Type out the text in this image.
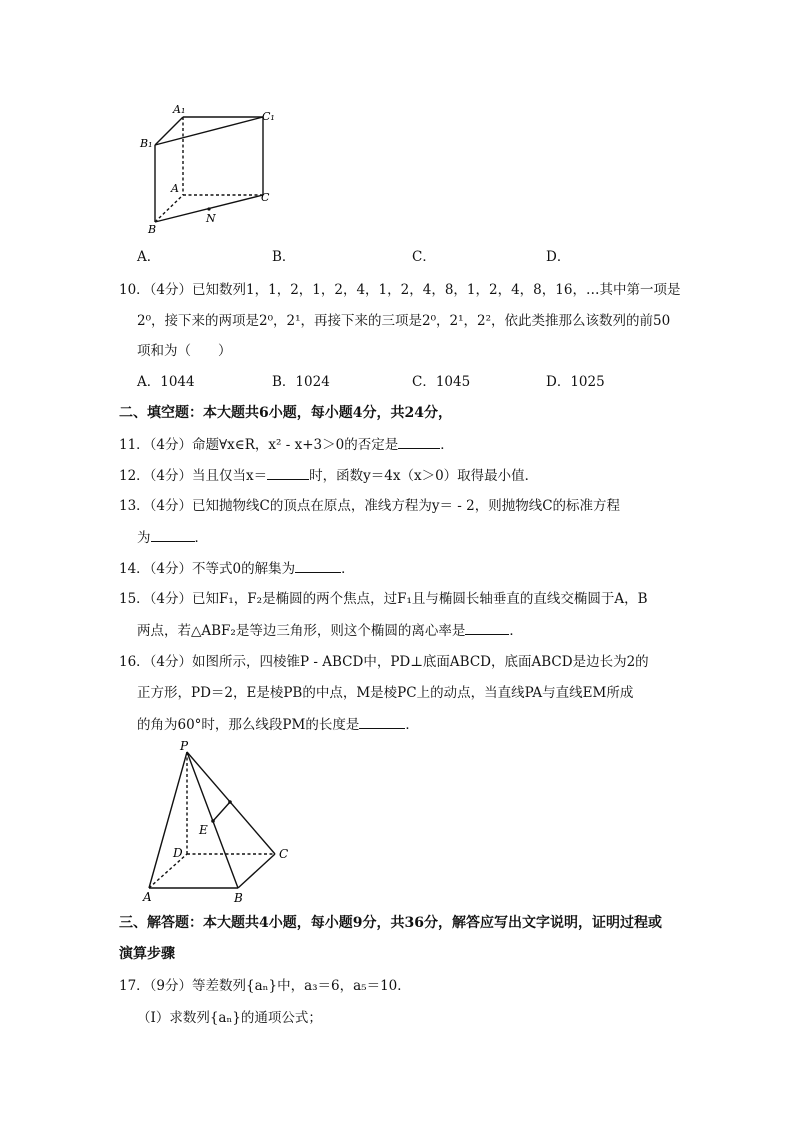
A₁
C₁
B₁
A
C
B
N
A．	B．	C．	D．
10．（4分）已知数列1，1，2，1，2，4，1，2，4，8，1，2，4，8，16，…其中第一项是
2⁰，接下来的两项是2⁰，2¹，再接下来的三项是2⁰，2¹，2²，依此类推那么该数列的前50
项和为（　　）
A．1044	B．1024	C．1045	D．1025
二、填空题：本大题共6小题，每小题4分，共24分，
11．（4分）命题∀x∈R，x² - x+3＞0的否定是	．
12．（4分）当且仅当x＝	时，函数y＝4x（x＞0）取得最小值．
13．（4分）已知抛物线C的顶点在原点，准线方程为y＝ - 2，则抛物线C的标准方程
为	．
14．（4分）不等式0的解集为	．
15．（4分）已知F₁，F₂是椭圆的两个焦点，过F₁且与椭圆长轴垂直的直线交椭圆于A，B
两点，若△ABF₂是等边三角形，则这个椭圆的离心率是	．
16．（4分）如图所示，四棱锥P - ABCD中，PD⊥底面ABCD，底面ABCD是边长为2的
正方形，PD＝2，E是棱PB的中点，M是棱PC上的动点，当直线PA与直线EM所成
的角为60°时，那么线段PM的长度是	．
P
E
D	C
A	B
三、解答题：本大题共4小题，每小题9分，共36分，解答应写出文字说明，证明过程或
演算步骤
17．（9分）等差数列{aₙ}中，a₃＝6，a₅＝10．
（Ⅰ）求数列{aₙ}的通项公式；
